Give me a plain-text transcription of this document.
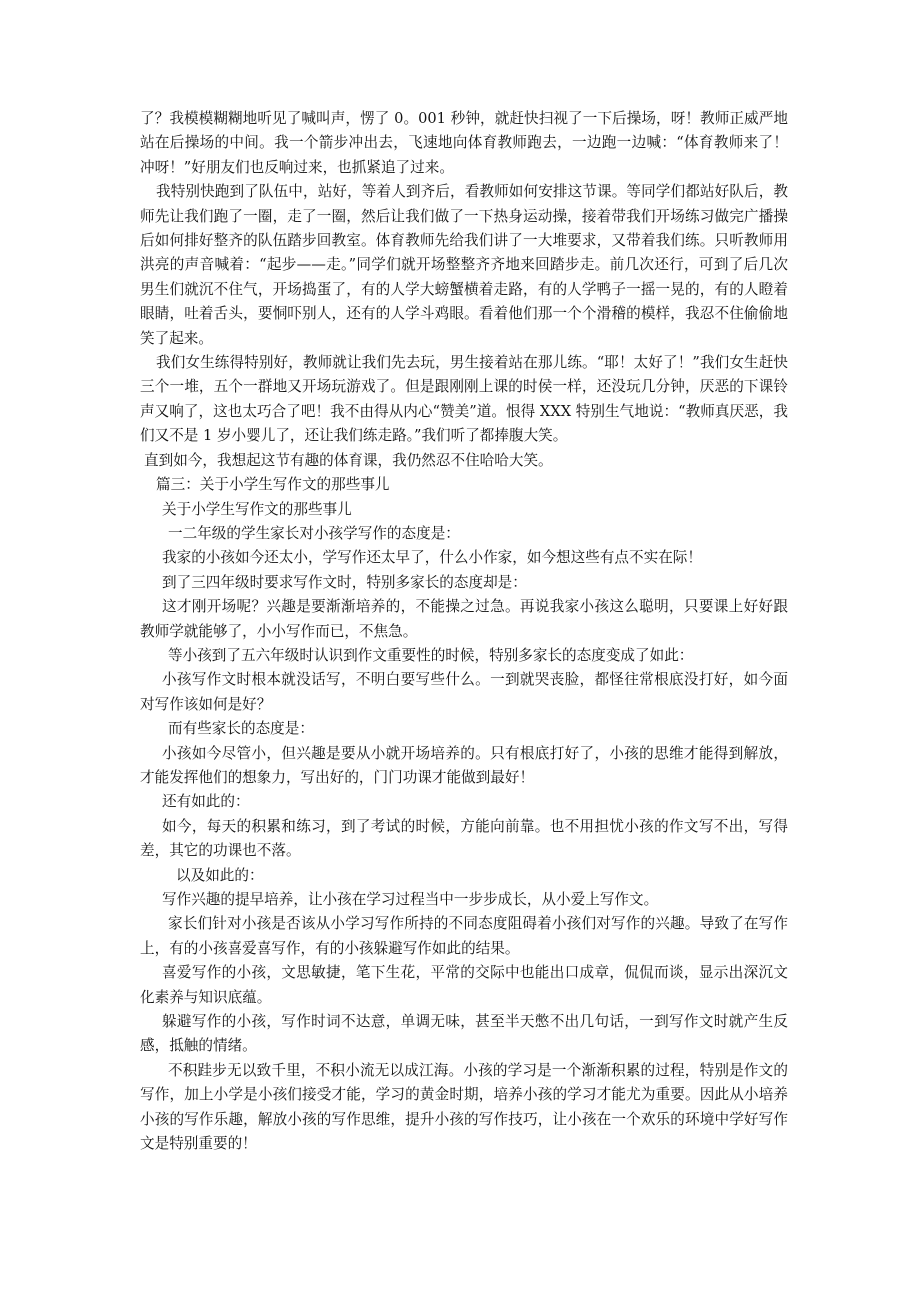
了？我模模糊糊地听见了喊叫声，愣了 0。001 秒钟，就赶快扫视了一下后操场，呀！教师正威严地站在后操场的中间。我一个箭步冲出去，飞速地向体育教师跑去，一边跑一边喊：“体育教师来了！冲呀！”好朋友们也反响过来，也抓紧追了过来。

我特别快跑到了队伍中，站好，等着人到齐后，看教师如何安排这节课。等同学们都站好队后，教师先让我们跑了一圈，走了一圈，然后让我们做了一下热身运动操，接着带我们开场练习做完广播操后如何排好整齐的队伍踏步回教室。体育教师先给我们讲了一大堆要求，又带着我们练。只听教师用洪亮的声音喊着：“起步——走。”同学们就开场整整齐齐地来回踏步走。前几次还行，可到了后几次男生们就沉不住气，开场捣蛋了，有的人学大螃蟹横着走路，有的人学鸭子一摇一晃的，有的人瞪着眼睛，吐着舌头，要恫吓别人，还有的人学斗鸡眼。看着他们那一个个滑稽的模样，我忍不住偷偷地笑了起来。

我们女生练得特别好，教师就让我们先去玩，男生接着站在那儿练。“耶！太好了！”我们女生赶快三个一堆，五个一群地又开场玩游戏了。但是跟刚刚上课的时侯一样，还没玩几分钟，厌恶的下课铃声又响了，这也太巧合了吧！我不由得从内心“赞美”道。恨得 XXX 特别生气地说：“教师真厌恶，我们又不是 1 岁小婴儿了，还让我们练走路。”我们听了都捧腹大笑。

直到如今，我想起这节有趣的体育课，我仍然忍不住哈哈大笑。

篇三：关于小学生写作文的那些事儿

关于小学生写作文的那些事儿

一二年级的学生家长对小孩学写作的态度是：

我家的小孩如今还太小，学写作还太早了，什么小作家，如今想这些有点不实在际！

到了三四年级时要求写作文时，特别多家长的态度却是：

这才刚开场呢？兴趣是要渐渐培养的，不能操之过急。再说我家小孩这么聪明，只要课上好好跟教师学就能够了，小小写作而已，不焦急。

等小孩到了五六年级时认识到作文重要性的时候，特别多家长的态度变成了如此：

小孩写作文时根本就没话写，不明白要写些什么。一到就哭丧脸，都怪往常根底没打好，如今面对写作该如何是好？

而有些家长的态度是：

小孩如今尽管小，但兴趣是要从小就开场培养的。只有根底打好了，小孩的思维才能得到解放，才能发挥他们的想象力，写出好的，门门功课才能做到最好！

还有如此的：

如今，每天的积累和练习，到了考试的时候，方能向前靠。也不用担忧小孩的作文写不出，写得差，其它的功课也不落。

以及如此的：

写作兴趣的提早培养，让小孩在学习过程当中一步步成长，从小爱上写作文。

家长们针对小孩是否该从小学习写作所持的不同态度阻碍着小孩们对写作的兴趣。导致了在写作上，有的小孩喜爱喜写作，有的小孩躲避写作如此的结果。

喜爱写作的小孩，文思敏捷，笔下生花，平常的交际中也能出口成章，侃侃而谈，显示出深沉文化素养与知识底蕴。

躲避写作的小孩，写作时词不达意，单调无味，甚至半天憋不出几句话，一到写作文时就产生反感，抵触的情绪。

不积跬步无以致千里，不积小流无以成江海。小孩的学习是一个渐渐积累的过程，特别是作文的写作，加上小学是小孩们接受才能，学习的黄金时期，培养小孩的学习才能尤为重要。因此从小培养小孩的写作乐趣，解放小孩的写作思维，提升小孩的写作技巧，让小孩在一个欢乐的环境中学好写作文是特别重要的！
